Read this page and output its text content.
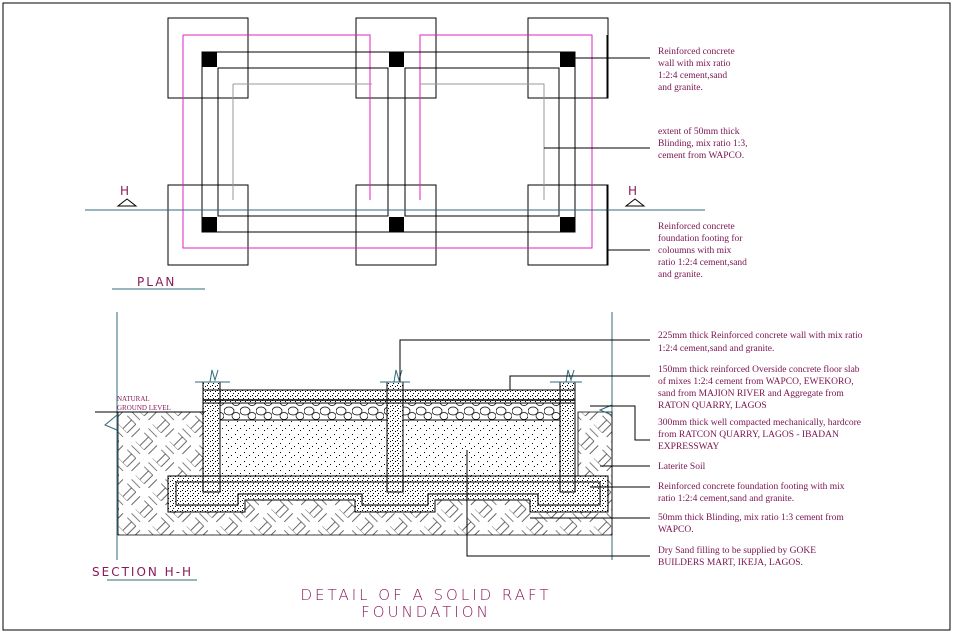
H	H
PLAN
Reinforced concrete wall with mix ratio 1:2:4 cement,sand and granite.
extent of 50mm thick Blinding, mix ratio 1:3, cement from WAPCO.
Reinforced concrete foundation footing for coloumns with mix ratio 1:2:4 cement,sand and granite.
NATURAL GROUND LEVEL
SECTION H-H
225mm thick Reinforced concrete wall with mix ratio 1:2:4 cement,sand and granite.
150mm thick reinforced Overside concrete floor slab of mixes 1:2:4 cement from WAPCO, EWEKORO, sand from MAJION RIVER and Aggregate from RATON QUARRY, LAGOS
300mm thick well compacted mechanically, hardcore from RATCON QUARRY, LAGOS - IBADAN EXPRESSWAY
Laterite Soil
Reinforced concrete foundation footing with mix ratio 1:2:4 cement,sand and granite.
50mm thick Blinding, mix ratio 1:3 cement from WAPCO.
Dry Sand filling to be supplied by GOKE BUILDERS MART, IKEJA, LAGOS.
DETAIL OF A SOLID RAFT
FOUNDATION
